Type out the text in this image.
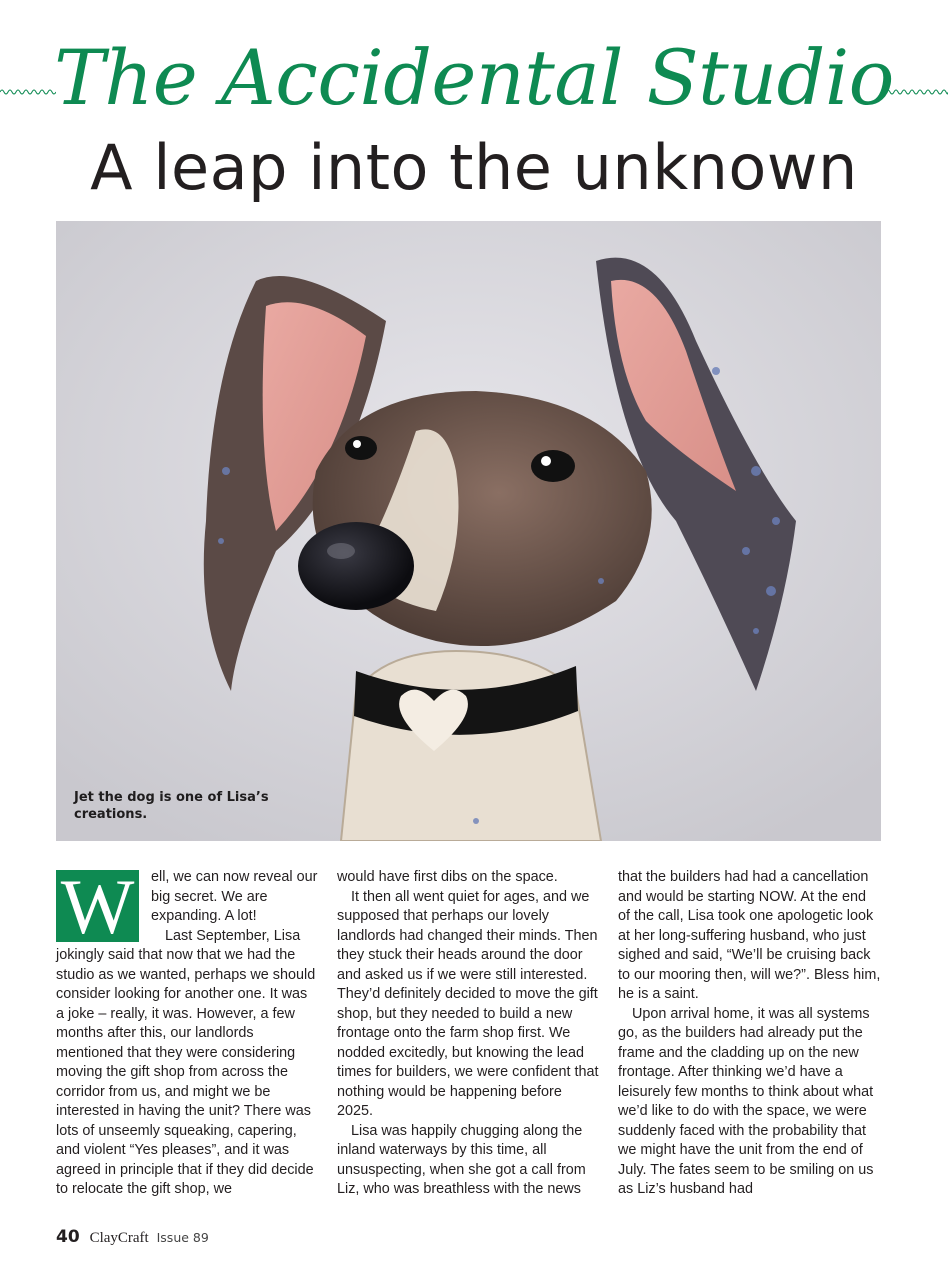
The Accidental Studio
A leap into the unknown
Jet the dog is one of Lisa’s creations.
W	ell, we can now reveal our big secret. We are expanding. A lot!

Last September, Lisa jokingly said that now that we had the studio as we wanted, perhaps we should consider looking for another one. It was a joke – really, it was. However, a few months after this, our landlords mentioned that they were considering moving the gift shop from across the corridor from us, and might we be interested in having the unit? There was lots of unseemly squeaking, capering, and violent “Yes pleases”, and it was agreed in principle that if they did decide to relocate the gift shop, we

would have first dibs on the space.

It then all went quiet for ages, and we supposed that perhaps our lovely landlords had changed their minds. Then they stuck their heads around the door and asked us if we were still interested. They’d definitely decided to move the gift shop, but they needed to build a new frontage onto the farm shop first. We nodded excitedly, but knowing the lead times for builders, we were confident that nothing would be happening before 2025.

Lisa was happily chugging along the inland waterways by this time, all unsuspecting, when she got a call from Liz, who was breathless with the news

that the builders had had a cancellation and would be starting NOW. At the end of the call, Lisa took one apologetic look at her long-suffering husband, who just sighed and said, “We’ll be cruising back to our mooring then, will we?”. Bless him, he is a saint.

Upon arrival home, it was all systems go, as the builders had already put the frame and the cladding up on the new frontage. After thinking we’d have a leisurely few months to think about what we’d like to do with the space, we were suddenly faced with the probability that we might have the unit from the end of July. The fates seem to be smiling on us as Liz’s husband had

40 ClayCraft Issue 89
